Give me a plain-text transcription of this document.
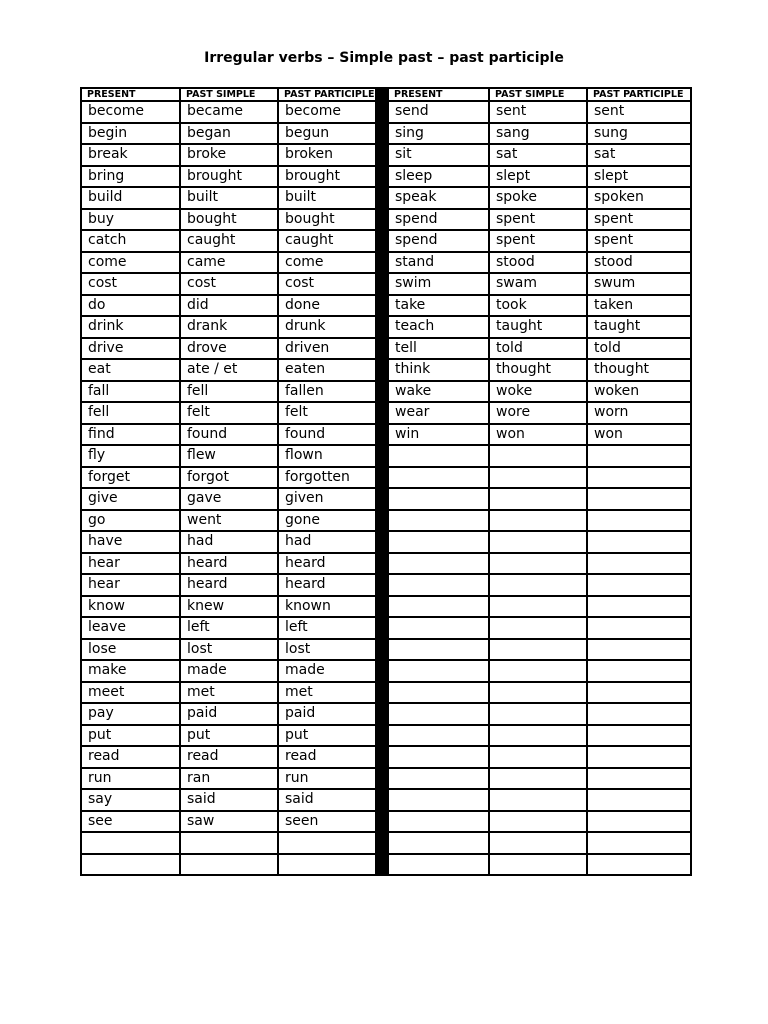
Irregular verbs – Simple past – past participle
PRESENT	PAST SIMPLE	PAST PARTICIPLE		PRESENT	PAST SIMPLE	PAST PARTICIPLE
become	became	become		send	sent	sent
begin	began	begun		sing	sang	sung
break	broke	broken		sit	sat	sat
bring	brought	brought		sleep	slept	slept
build	built	built		speak	spoke	spoken
buy	bought	bought		spend	spent	spent
catch	caught	caught		spend	spent	spent
come	came	come		stand	stood	stood
cost	cost	cost		swim	swam	swum
do	did	done		take	took	taken
drink	drank	drunk		teach	taught	taught
drive	drove	driven		tell	told	told
eat	ate / et	eaten		think	thought	thought
fall	fell	fallen		wake	woke	woken
fell	felt	felt		wear	wore	worn
find	found	found		win	won	won
fly	flew	flown				
forget	forgot	forgotten				
give	gave	given				
go	went	gone				
have	had	had				
hear	heard	heard				
hear	heard	heard				
know	knew	known				
leave	left	left				
lose	lost	lost				
make	made	made				
meet	met	met				
pay	paid	paid				
put	put	put				
read	read	read				
run	ran	run				
say	said	said				
see	saw	seen				
